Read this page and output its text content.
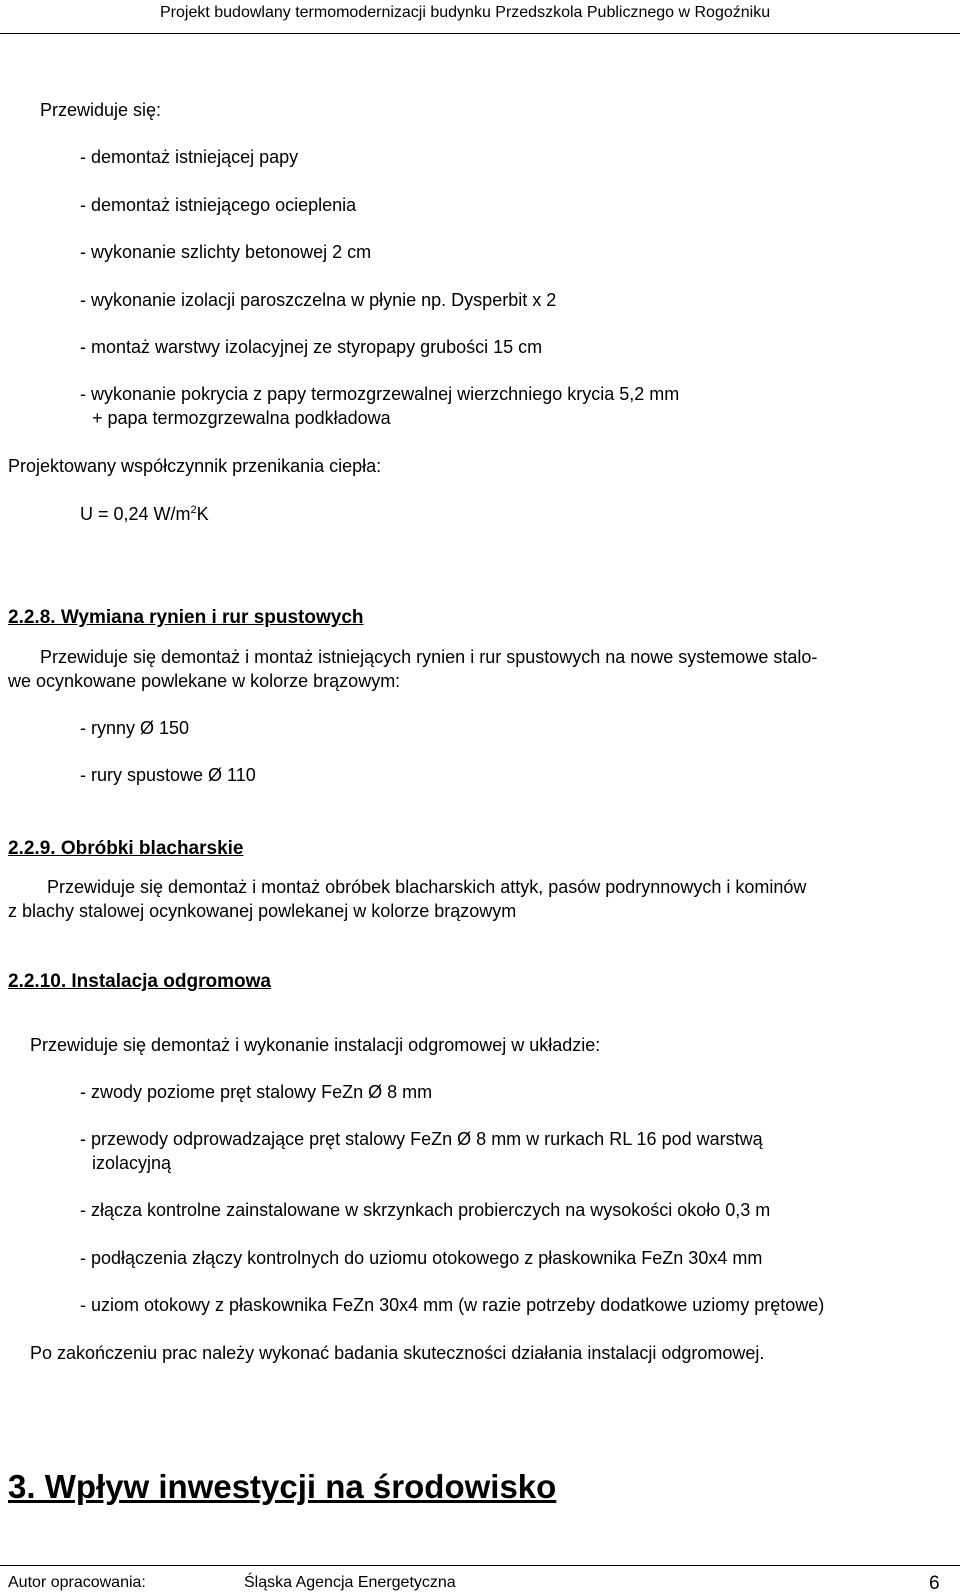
Projekt budowlany termomodernizacji budynku Przedszkola Publicznego w Rogoźniku
Przewiduje się:
- demontaż istniejącej papy
- demontaż istniejącego ocieplenia
- wykonanie szlichty betonowej 2 cm
- wykonanie izolacji paroszczelna w płynie np. Dysperbit x 2
- montaż warstwy izolacyjnej ze styropapy grubości 15 cm
- wykonanie pokrycia z papy termozgrzewalnej wierzchniego krycia 5,2 mm
+ papa termozgrzewalna podkładowa
Projektowany współczynnik przenikania ciepła:
U = 0,24 $W/m^2K$
2.2.8. Wymiana rynien i rur spustowych
Przewiduje się demontaż i montaż istniejących rynien i rur spustowych na nowe systemowe stalo-
we ocynkowane powlekane w kolorze brązowym:
- rynny Ø 150
- rury spustowe Ø 110
2.2.9. Obróbki blacharskie
Przewiduje się demontaż i montaż obróbek blacharskich attyk, pasów podrynnowych i kominów
z blachy stalowej ocynkowanej powlekanej w kolorze brązowym
2.2.10. Instalacja odgromowa
Przewiduje się demontaż i wykonanie instalacji odgromowej w układzie:
- zwody poziome pręt stalowy FeZn Ø 8 mm
- przewody odprowadzające pręt stalowy FeZn Ø 8 mm w rurkach RL 16 pod warstwą
izolacyjną
- złącza kontrolne zainstalowane w skrzynkach probierczych na wysokości około 0,3 m
- podłączenia złączy kontrolnych do uziomu otokowego z płaskownika FeZn 30x4 mm
- uziom otokowy z płaskownika FeZn 30x4 mm (w razie potrzeby dodatkowe uziomy prętowe)
Po zakończeniu prac należy wykonać badania skuteczności działania instalacji odgromowej.
3. Wpływ inwestycji na środowisko
Autor opracowania:	Śląska Agencja Energetyczna	6
